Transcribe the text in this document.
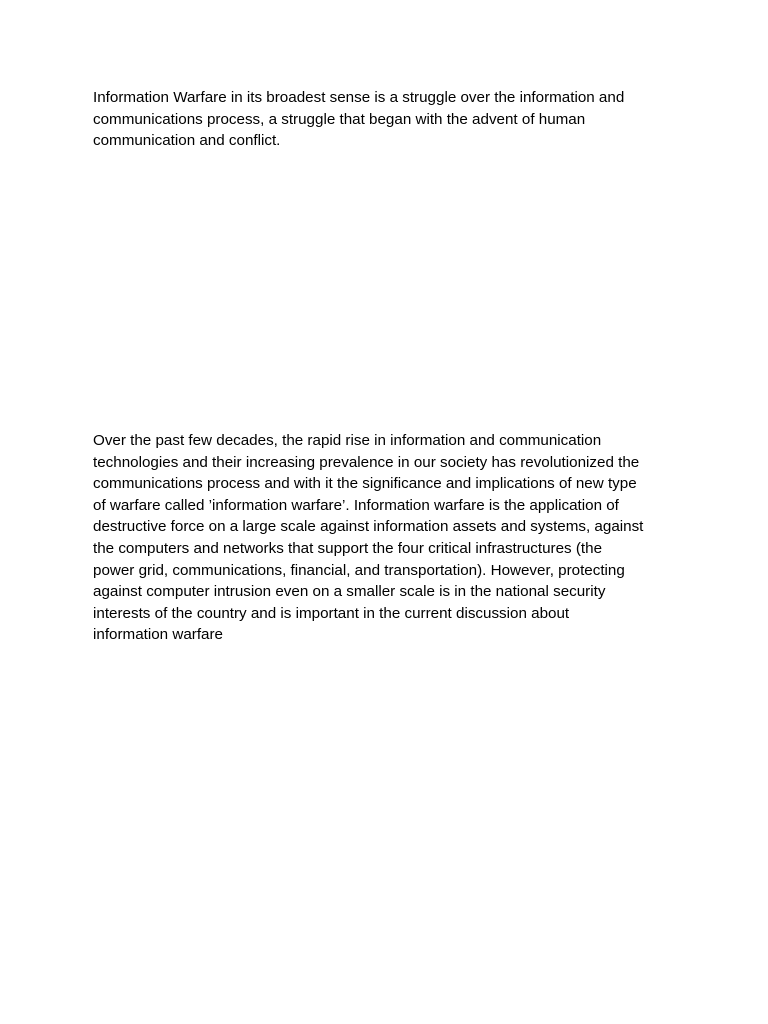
Information Warfare in its broadest sense is a struggle over the information and
communications process, a struggle that began with the advent of human
communication and conflict.

Over the past few decades, the rapid rise in information and communication
technologies and their increasing prevalence in our society has revolutionized the
communications process and with it the significance and implications of new type
of warfare called ’information warfare’. Information warfare is the application of
destructive force on a large scale against information assets and systems, against
the computers and networks that support the four critical infrastructures (the
power grid, communications, financial, and transportation). However, protecting
against computer intrusion even on a smaller scale is in the national security
interests of the country and is important in the current discussion about
information warfare
